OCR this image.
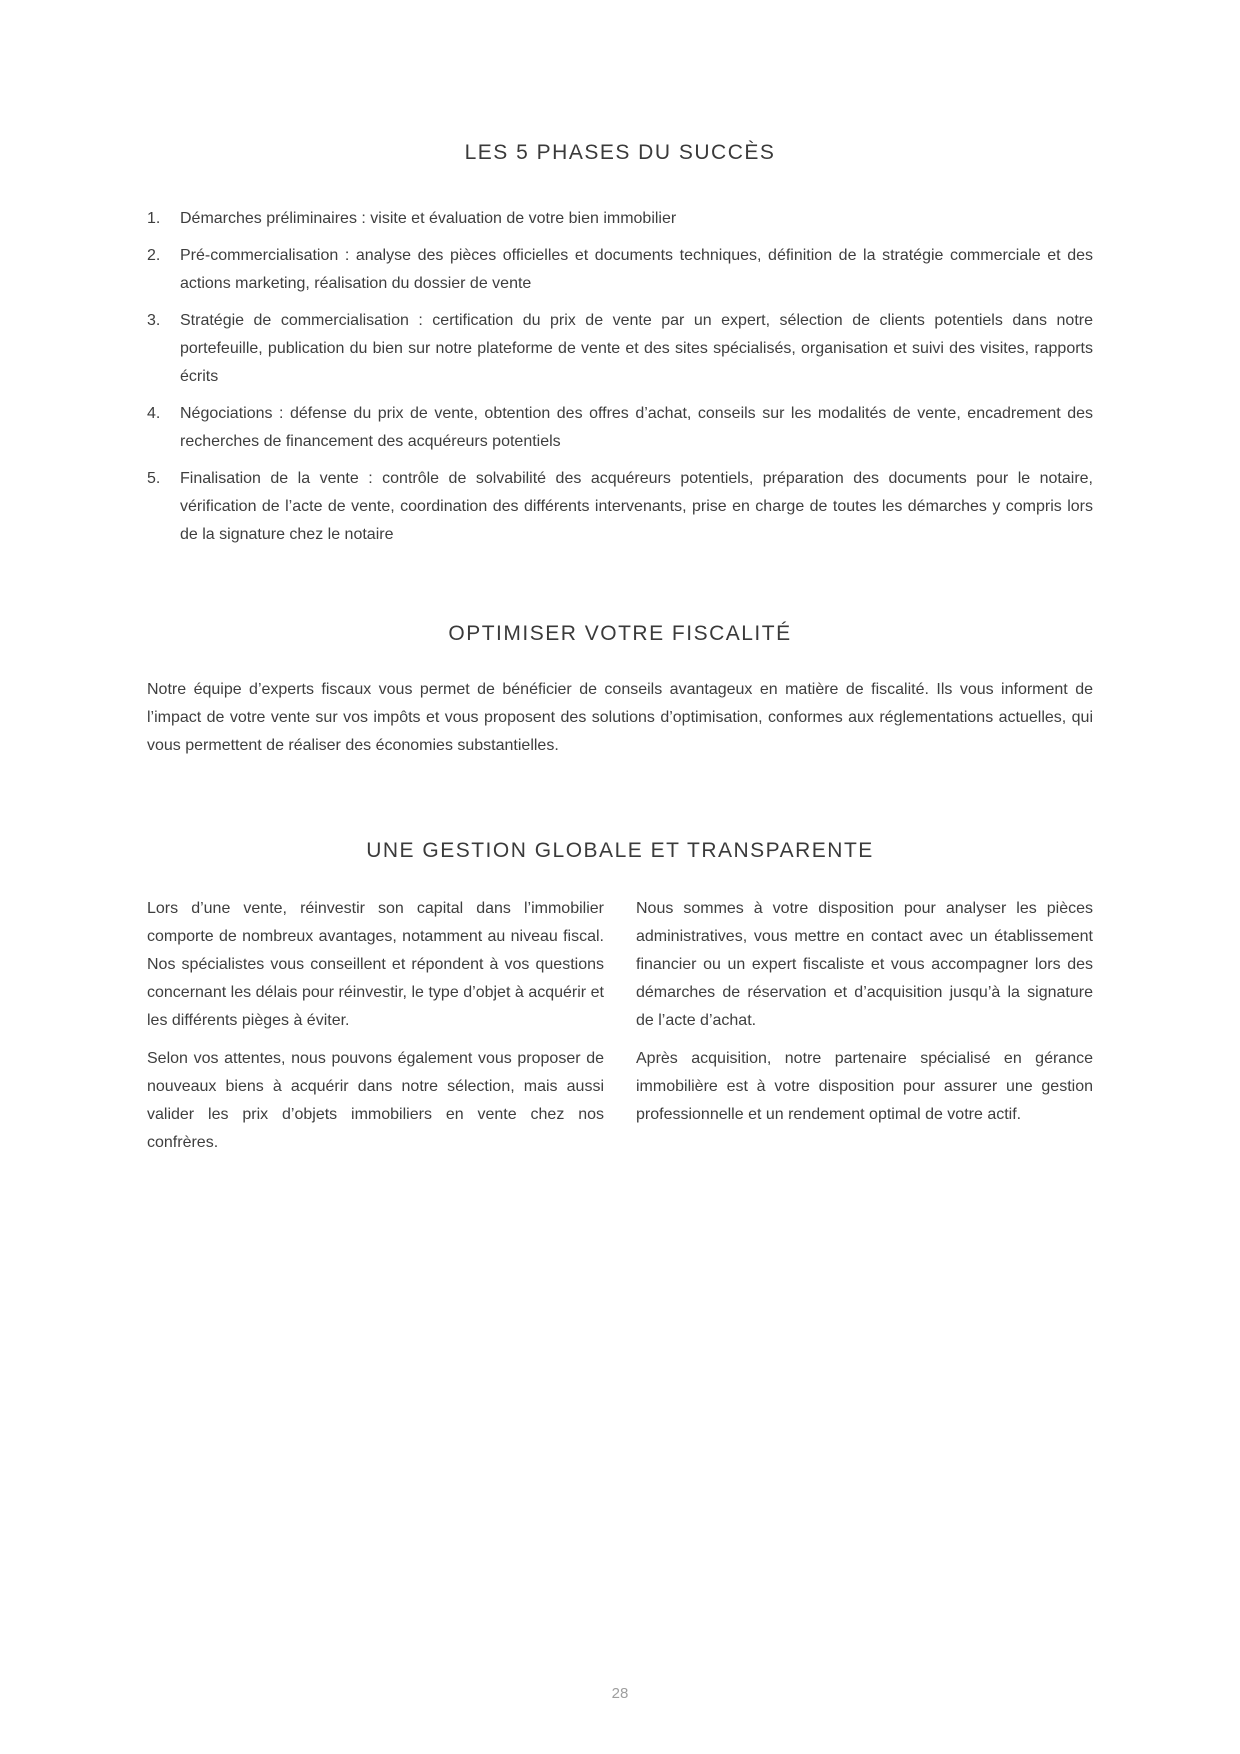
LES 5 PHASES DU SUCCÈS
1.	Démarches préliminaires : visite et évaluation de votre bien immobilier
2.	Pré-commercialisation : analyse des pièces officielles et documents techniques, définition de la stratégie commerciale et des actions marketing, réalisation du dossier de vente
3.	Stratégie de commercialisation : certification du prix de vente par un expert, sélection de clients potentiels dans notre portefeuille, publication du bien sur notre plateforme de vente et des sites spécialisés, organisation et suivi des visites, rapports écrits
4.	Négociations : défense du prix de vente, obtention des offres d’achat, conseils sur les modalités de vente, encadrement des recherches de financement des acquéreurs potentiels
5.	Finalisation de la vente : contrôle de solvabilité des acquéreurs potentiels, préparation des documents pour le notaire, vérification de l’acte de vente, coordination des différents intervenants, prise en charge de toutes les démarches y compris lors de la signature chez le notaire
OPTIMISER VOTRE FISCALITÉ

Notre équipe d’experts fiscaux vous permet de bénéficier de conseils avantageux en matière de fiscalité. Ils vous informent de l’impact de votre vente sur vos impôts et vous proposent des solutions d’optimisation, conformes aux réglementations actuelles, qui vous permettent de réaliser des économies substantielles.

UNE GESTION GLOBALE ET TRANSPARENTE

Lors d’une vente, réinvestir son capital dans l’immobilier comporte de nombreux avantages, notamment au niveau fiscal. Nos spécialistes vous conseillent et répondent à vos questions concernant les délais pour réinvestir, le type d’objet à acquérir et les différents pièges à éviter.

Selon vos attentes, nous pouvons également vous proposer de nouveaux biens à acquérir dans notre sélection, mais aussi valider les prix d’objets immobiliers en vente chez nos confrères.

Nous sommes à votre disposition pour analyser les pièces administratives, vous mettre en contact avec un établissement financier ou un expert fiscaliste et vous accompagner lors des démarches de réservation et d’acquisition jusqu’à la signature de l’acte d’achat.

Après acquisition, notre partenaire spécialisé en gérance immobilière est à votre disposition pour assurer une gestion professionnelle et un rendement optimal de votre actif.

28
